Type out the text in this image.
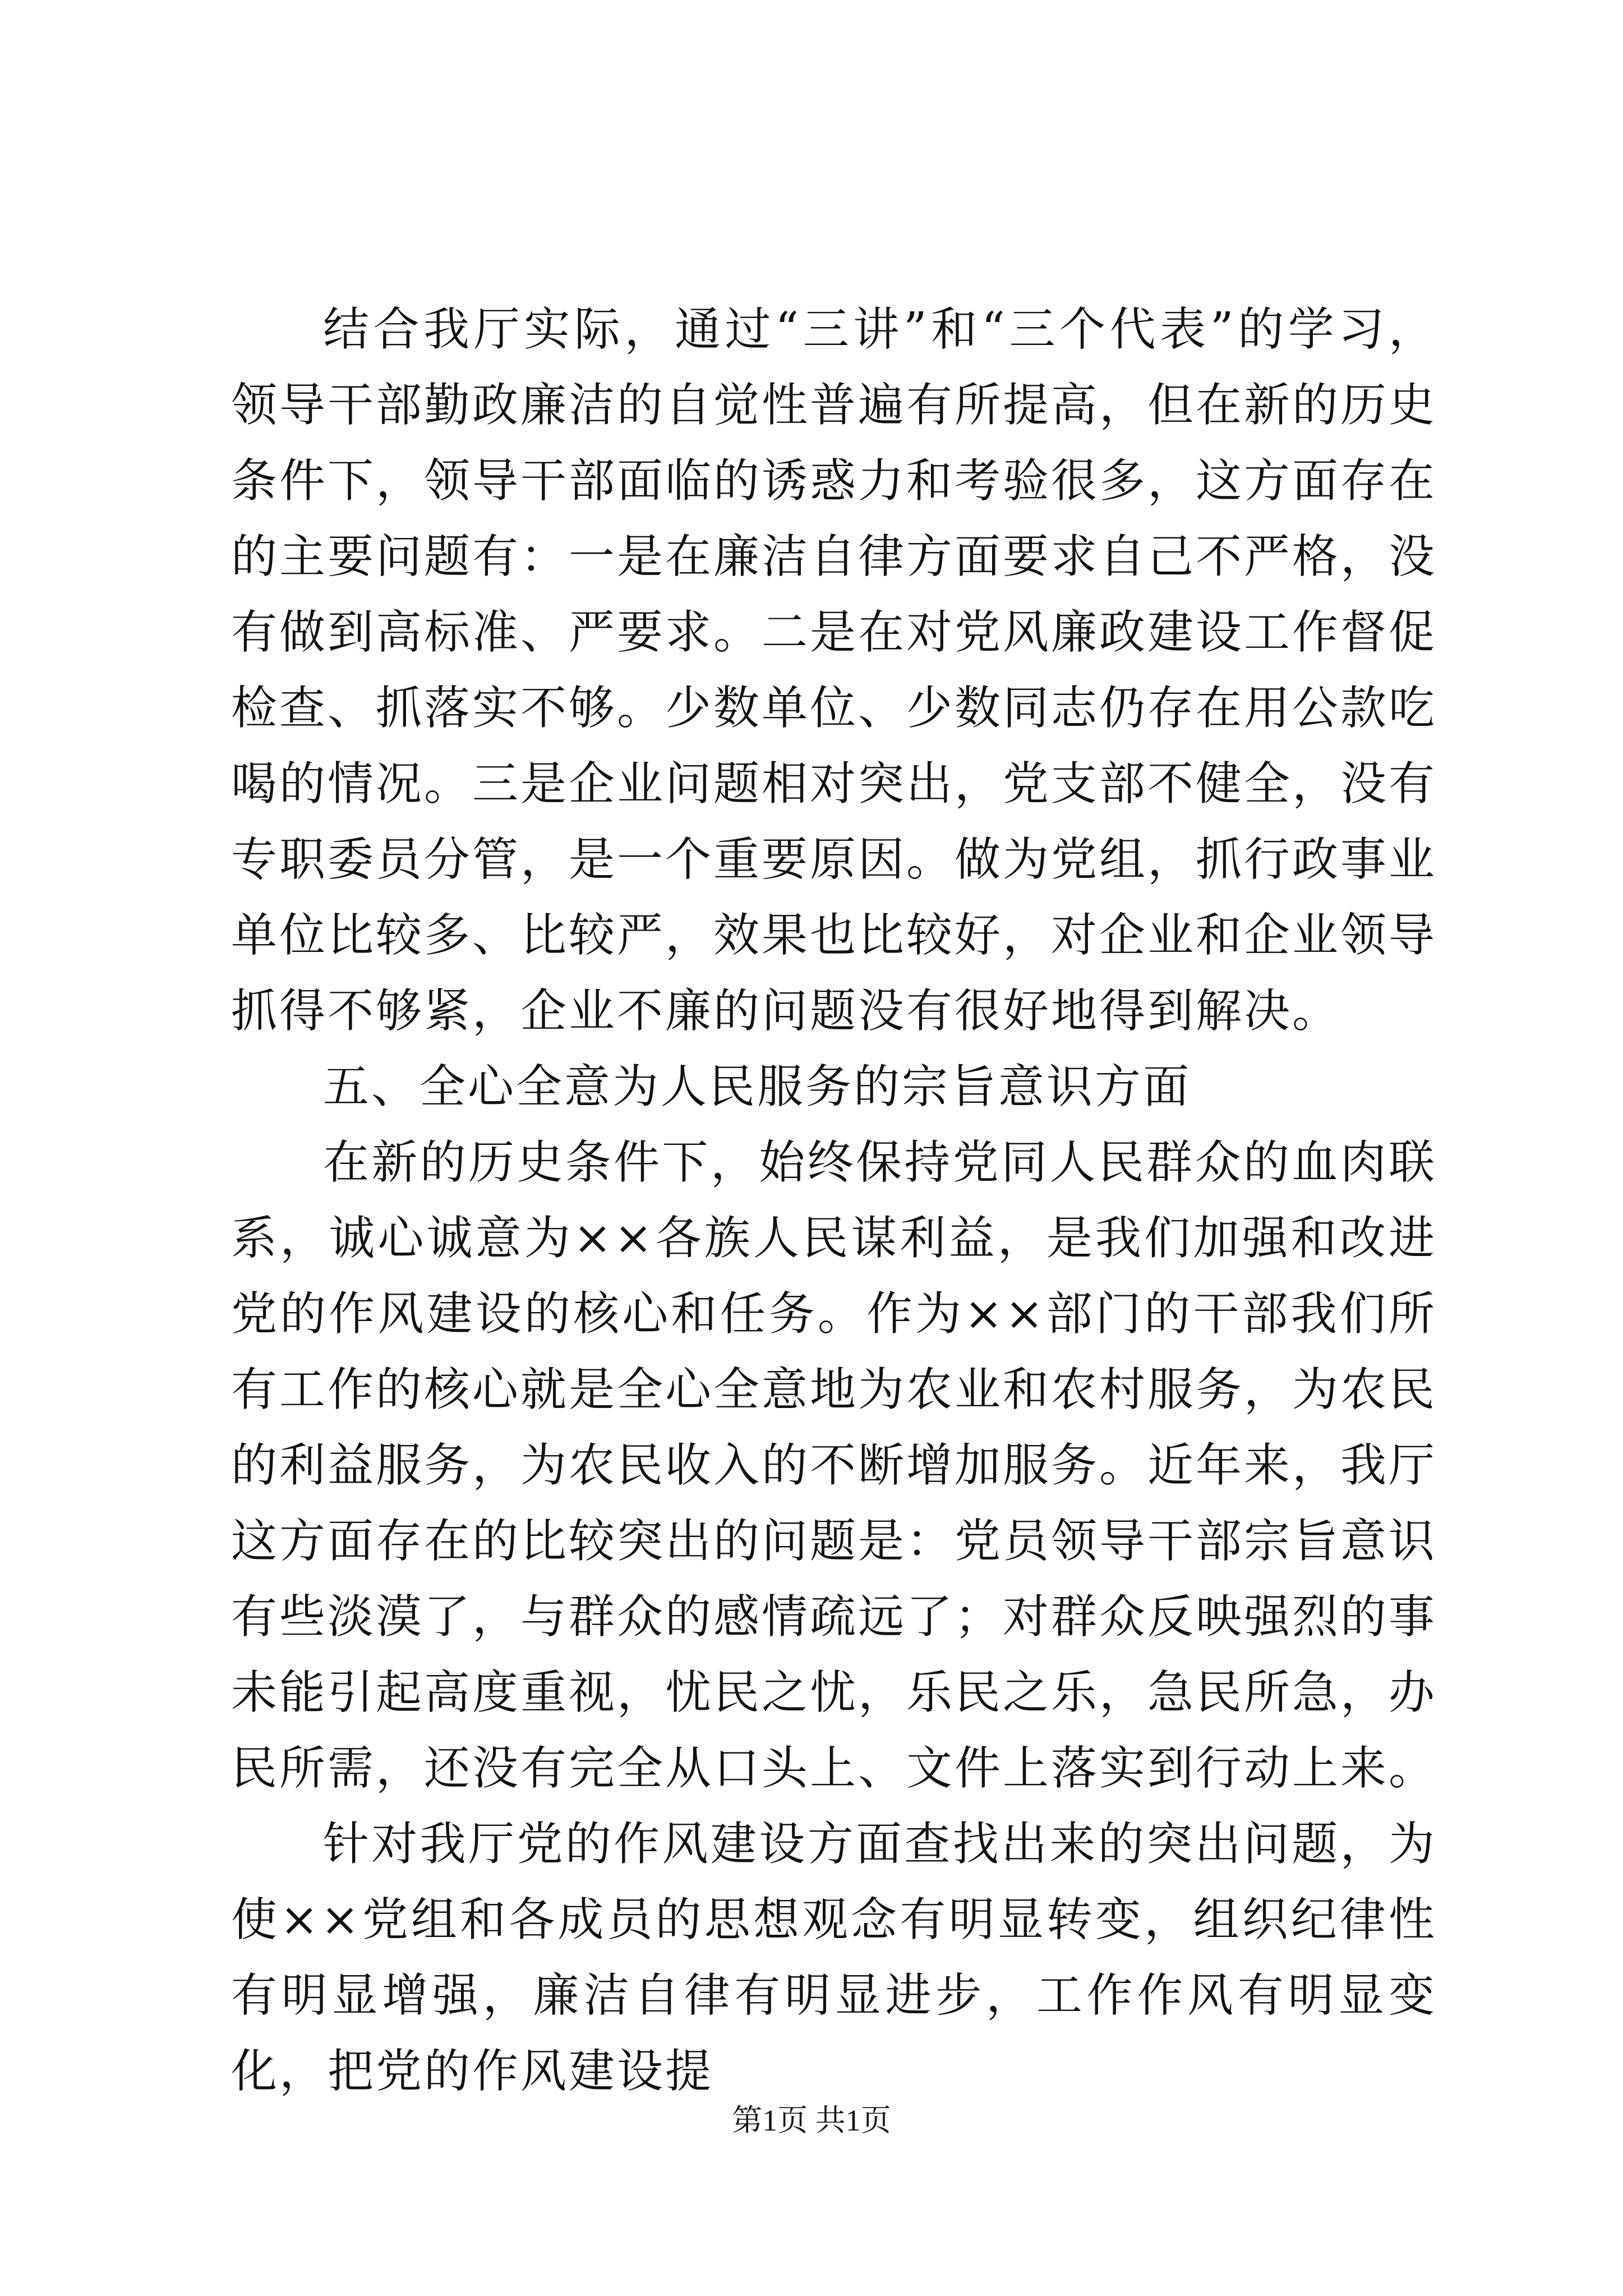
结合我厅实际，通过“三讲”和“三个代表”的学习，领导干部勤政廉洁的自觉性普遍有所提高，但在新的历史条件下，领导干部面临的诱惑力和考验很多，这方面存在的主要问题有：一是在廉洁自律方面要求自己不严格，没有做到高标准、严要求。二是在对党风廉政建设工作督促检查、抓落实不够。少数单位、少数同志仍存在用公款吃喝的情况。三是企业问题相对突出，党支部不健全，没有专职委员分管，是一个重要原因。做为党组，抓行政事业单位比较多、比较严，效果也比较好，对企业和企业领导抓得不够紧，企业不廉的问题没有很好地得到解决。

五、全心全意为人民服务的宗旨意识方面

在新的历史条件下，始终保持党同人民群众的血肉联系，诚心诚意为××各族人民谋利益，是我们加强和改进党的作风建设的核心和任务。作为××部门的干部我们所有工作的核心就是全心全意地为农业和农村服务，为农民的利益服务，为农民收入的不断增加服务。近年来，我厅这方面存在的比较突出的问题是：党员领导干部宗旨意识有些淡漠了，与群众的感情疏远了；对群众反映强烈的事未能引起高度重视，忧民之忧，乐民之乐，急民所急，办民所需，还没有完全从口头上、文件上落实到行动上来。

针对我厅党的作风建设方面查找出来的突出问题，为使××党组和各成员的思想观念有明显转变，组织纪律性有明显增强，廉洁自律有明显进步，工作作风有明显变化，把党的作风建设提

第1页 共1页
